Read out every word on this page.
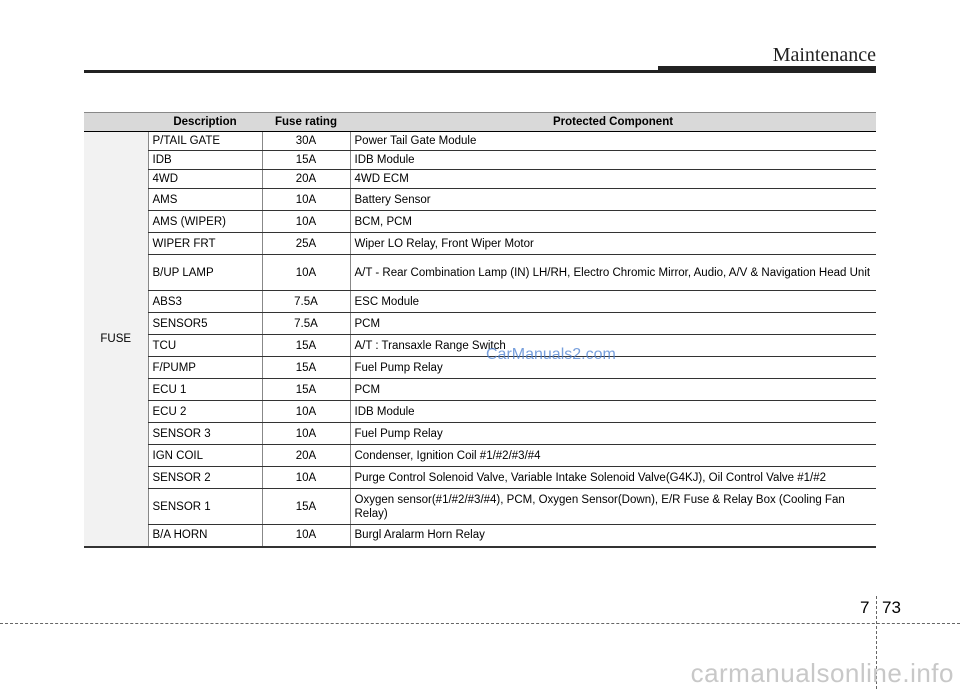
Maintenance
	Description	Fuse rating	Protected Component
FUSE	P/TAIL GATE	30A	Power Tail Gate Module
	IDB	15A	IDB Module
	4WD	20A	4WD ECM
	AMS	10A	Battery Sensor
	AMS (WIPER)	10A	BCM, PCM
	WIPER FRT	25A	Wiper LO Relay, Front Wiper Motor
	B/UP LAMP	10A	A/T - Rear Combination Lamp (IN) LH/RH, Electro Chromic Mirror, Audio, A/V & Navigation Head Unit
	ABS3	7.5A	ESC Module
	SENSOR5	7.5A	PCM
	TCU	15A	A/T : Transaxle Range Switch
	F/PUMP	15A	Fuel Pump Relay
	ECU 1	15A	PCM
	ECU 2	10A	IDB Module
	SENSOR 3	10A	Fuel Pump Relay
	IGN COIL	20A	Condenser, Ignition Coil #1/#2/#3/#4
	SENSOR 2	10A	Purge Control Solenoid Valve, Variable Intake Solenoid Valve(G4KJ), Oil Control Valve #1/#2
	SENSOR 1	15A	Oxygen sensor(#1/#2/#3/#4), PCM, Oxygen Sensor(Down), E/R Fuse & Relay Box (Cooling Fan Relay)
	B/A HORN	10A	Burgl Aralarm Horn Relay
CarManuals2.com
7 73
carmanualsonline.info
